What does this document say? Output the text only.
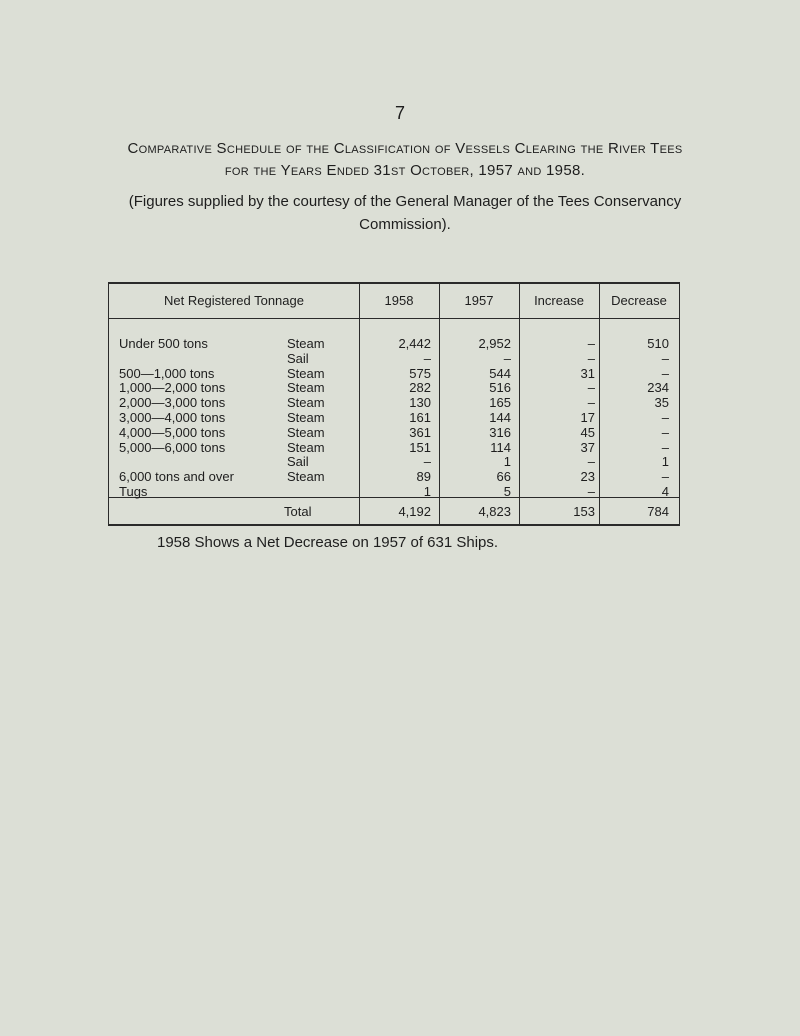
7
Comparative Schedule of the Classification of Vessels Clearing the River Tees
for the Years Ended 31st October, 1957 and 1958.
(Figures supplied by the courtesy of the General Manager of the Tees Conservancy
Commission).
Net Registered Tonnage	1958	1957	Increase	Decrease
Under 500 tons	Steam	2,442	2,952	–	510
Sail	–	–	–	–
500—1,000 tons	Steam	575	544	31	–
1,000—2,000 tons	Steam	282	516	–	234
2,000—3,000 tons	Steam	130	165	–	35
3,000—4,000 tons	Steam	161	144	17	–
4,000—5,000 tons	Steam	361	316	45	–
5,000—6,000 tons	Steam	151	114	37	–
Sail	–	1	–	1
6,000 tons and over	Steam	89	66	23	–
Tugs	1	5	–	4
Total	4,192	4,823	153	784
1958 Shows a Net Decrease on 1957 of 631 Ships.
